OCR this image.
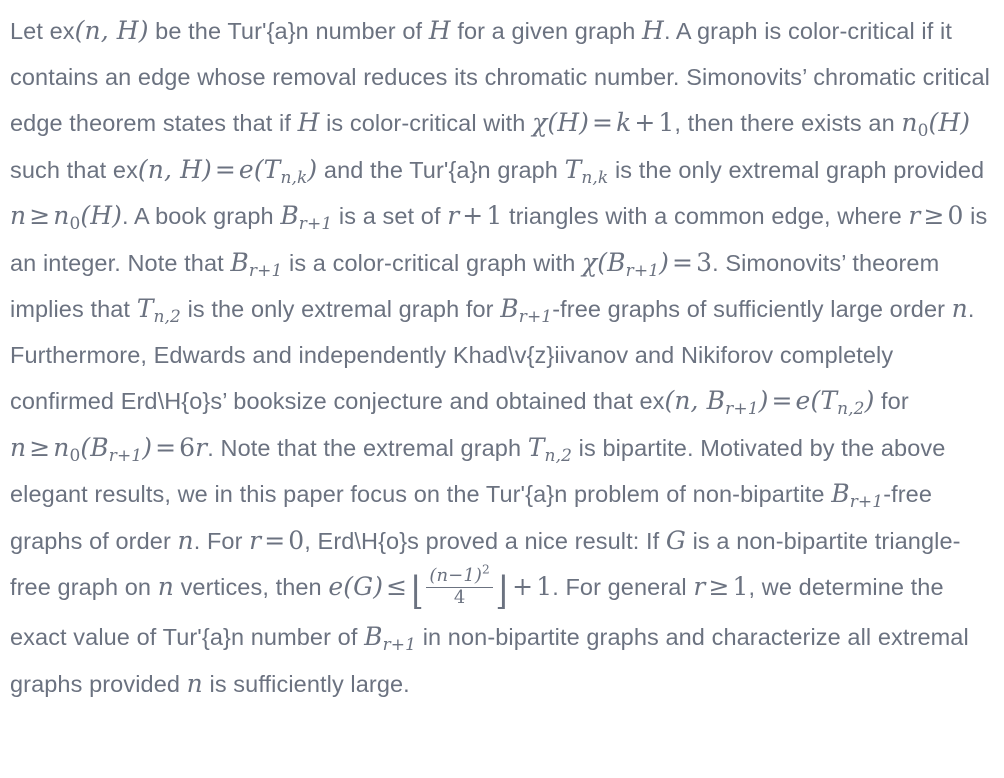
Let ex(n, H) be the Tur'{a}n number of H for a given graph H. A graph is color-critical if it contains an edge whose removal reduces its chromatic number. Simonovits’ chromatic critical edge theorem states that if H is color-critical with χ(H) = k + 1, then there exists an $n_0(H)$ such that ex(n, $H) = e(T_{n,k})$ and the Tur'{a}n graph $T_{n,k}$ is the only extremal graph provided $n \ge n_0(H)$. A book graph $B_{r+1}$ is a set of r + 1 triangles with a common edge, where r ≥ 0 is an integer. Note that $B_{r+1}$ is a color-critical graph with $\chi(B_{r+1}) = 3$. Simonovits’ theorem implies that $T_{n,2}$ is the only extremal graph for $B_{r+1}$-free graphs of sufficiently large order n. Furthermore, Edwards and independently Khad\v{z}iivanov and Nikiforov completely confirmed Erd\H{o}s’ booksize conjecture and obtained that ex(n, $B_{r+1}) = e(T_{n,2})$ for $n \ge n_0(B_{r+1}) = 6r$. Note that the extremal graph $T_{n,2}$ is bipartite. Motivated by the above elegant results, we in this paper focus on the Tur'{a}n problem of non-bipartite $B_{r+1}$-free graphs of order n. For r = 0, Erd\H{o}s proved a nice result: If G is a non-bipartite triangle-free graph on n vertices, then e(G) ≤ ⌊ $\frac{(n-1)^2}{4}$ ⌋ + 1. For general r ≥ 1, we determine the exact value of Tur'{a}n number of $B_{r+1}$ in non-bipartite graphs and characterize all extremal graphs provided n is sufficiently large.
